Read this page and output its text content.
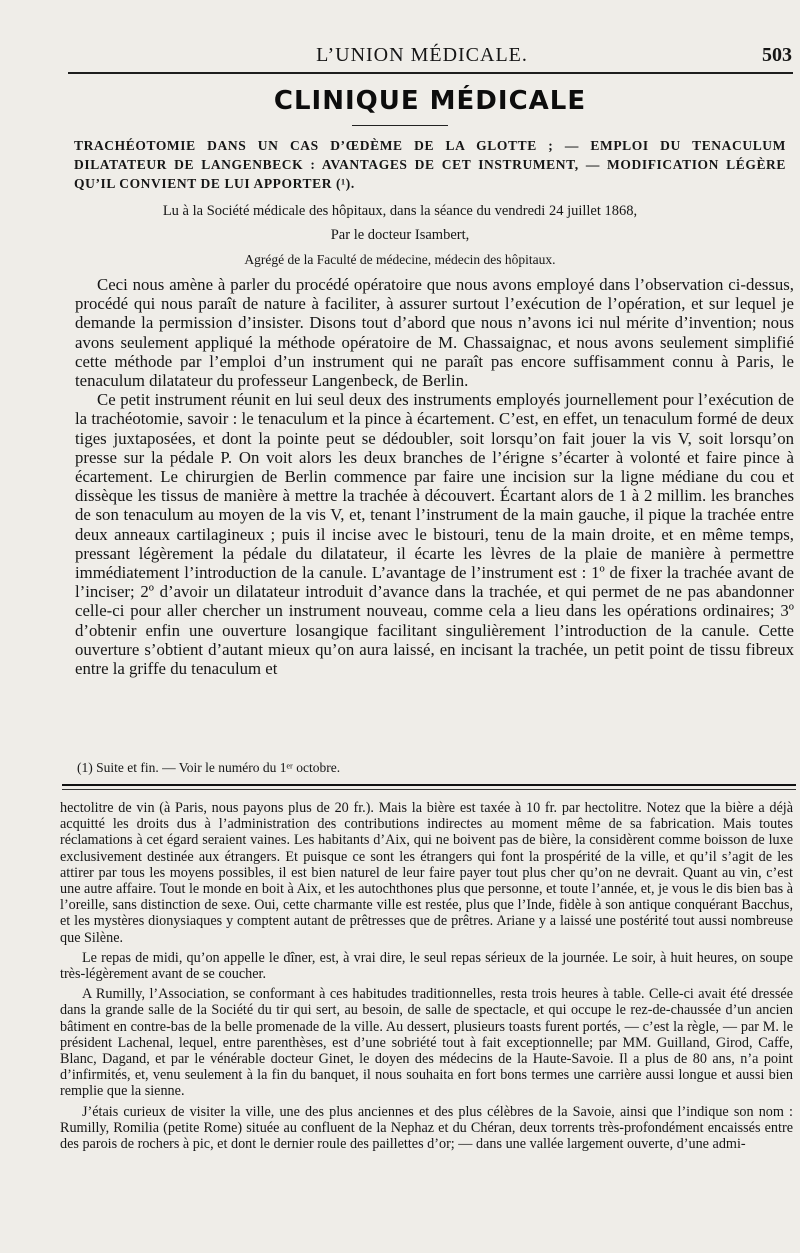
L’UNION MÉDICALE.	503
CLINIQUE MÉDICALE
TRACHÉOTOMIE DANS UN CAS D’ŒDÈME DE LA GLOTTE ; — EMPLOI DU TENACULUM DILATATEUR DE LANGENBECK : AVANTAGES DE CET INSTRUMENT, — MODIFICATION LÉGÈRE QU’IL CONVIENT DE LUI APPORTER (¹).
Lu à la Société médicale des hôpitaux, dans la séance du vendredi 24 juillet 1868,
Par le docteur Isambert,
Agrégé de la Faculté de médecine, médecin des hôpitaux.

Ceci nous amène à parler du procédé opératoire que nous avons employé dans l’observation ci-dessus, procédé qui nous paraît de nature à faciliter, à assurer surtout l’exécution de l’opération, et sur lequel je demande la permission d’insister. Disons tout d’abord que nous n’avons ici nul mérite d’invention; nous avons seulement appliqué la méthode opératoire de M. Chassaignac, et nous avons seulement simplifié cette méthode par l’emploi d’un instrument qui ne paraît pas encore suffisamment connu à Paris, le tenaculum dilatateur du professeur Langenbeck, de Berlin.

Ce petit instrument réunit en lui seul deux des instruments employés journellement pour l’exécution de la trachéotomie, savoir : le tenaculum et la pince à écartement. C’est, en effet, un tenaculum formé de deux tiges juxtaposées, et dont la pointe peut se dédoubler, soit lorsqu’on fait jouer la vis V, soit lorsqu’on presse sur la pédale P. On voit alors les deux branches de l’érigne s’écarter à volonté et faire pince à écartement. Le chirurgien de Berlin commence par faire une incision sur la ligne médiane du cou et dissèque les tissus de manière à mettre la trachée à découvert. Écartant alors de 1 à 2 millim. les branches de son tenaculum au moyen de la vis V, et, tenant l’instrument de la main gauche, il pique la trachée entre deux anneaux cartilagineux ; puis il incise avec le bistouri, tenu de la main droite, et en même temps, pressant légèrement la pédale du dilatateur, il écarte les lèvres de la plaie de manière à permettre immédiatement l’introduction de la canule. L’avantage de l’instrument est : 1º de fixer la trachée avant de l’inciser; 2º d’avoir un dilatateur introduit d’avance dans la trachée, et qui permet de ne pas abandonner celle-ci pour aller chercher un instrument nouveau, comme cela a lieu dans les opérations ordinaires; 3º d’obtenir enfin une ouverture losangique facilitant singulièrement l’introduction de la canule. Cette ouverture s’obtient d’autant mieux qu’on aura laissé, en incisant la trachée, un petit point de tissu fibreux entre la griffe du tenaculum et

(1) Suite et fin. — Voir le numéro du 1ᵉʳ octobre.

hectolitre de vin (à Paris, nous payons plus de 20 fr.). Mais la bière est taxée à 10 fr. par hectolitre. Notez que la bière a déjà acquitté les droits dus à l’administration des contributions indirectes au moment même de sa fabrication. Mais toutes réclamations à cet égard seraient vaines. Les habitants d’Aix, qui ne boivent pas de bière, la considèrent comme boisson de luxe exclusivement destinée aux étrangers. Et puisque ce sont les étrangers qui font la prospérité de la ville, et qu’il s’agit de les attirer par tous les moyens possibles, il est bien naturel de leur faire payer tout plus cher qu’on ne devrait. Quant au vin, c’est une autre affaire. Tout le monde en boit à Aix, et les autochthones plus que personne, et toute l’année, et, je vous le dis bien bas à l’oreille, sans distinction de sexe. Oui, cette charmante ville est restée, plus que l’Inde, fidèle à son antique conquérant Bacchus, et les mystères dionysiaques y comptent autant de prêtresses que de prêtres. Ariane y a laissé une postérité tout aussi nombreuse que Silène.

Le repas de midi, qu’on appelle le dîner, est, à vrai dire, le seul repas sérieux de la journée. Le soir, à huit heures, on soupe très-légèrement avant de se coucher.

A Rumilly, l’Association, se conformant à ces habitudes traditionnelles, resta trois heures à table. Celle-ci avait été dressée dans la grande salle de la Société du tir qui sert, au besoin, de salle de spectacle, et qui occupe le rez-de-chaussée d’un ancien bâtiment en contre-bas de la belle promenade de la ville. Au dessert, plusieurs toasts furent portés, — c’est la règle, — par M. le président Lachenal, lequel, entre parenthèses, est d’une sobriété tout à fait exceptionnelle; par MM. Guilland, Girod, Caffe, Blanc, Dagand, et par le vénérable docteur Ginet, le doyen des médecins de la Haute-Savoie. Il a plus de 80 ans, n’a point d’infirmités, et, venu seulement à la fin du banquet, il nous souhaita en fort bons termes une carrière aussi longue et aussi bien remplie que la sienne.

J’étais curieux de visiter la ville, une des plus anciennes et des plus célèbres de la Savoie, ainsi que l’indique son nom : Rumilly, Romilia (petite Rome) située au confluent de la Nephaz et du Chéran, deux torrents très-profondément encaissés entre des parois de rochers à pic, et dont le dernier roule des paillettes d’or; — dans une vallée largement ouverte, d’une admi-
